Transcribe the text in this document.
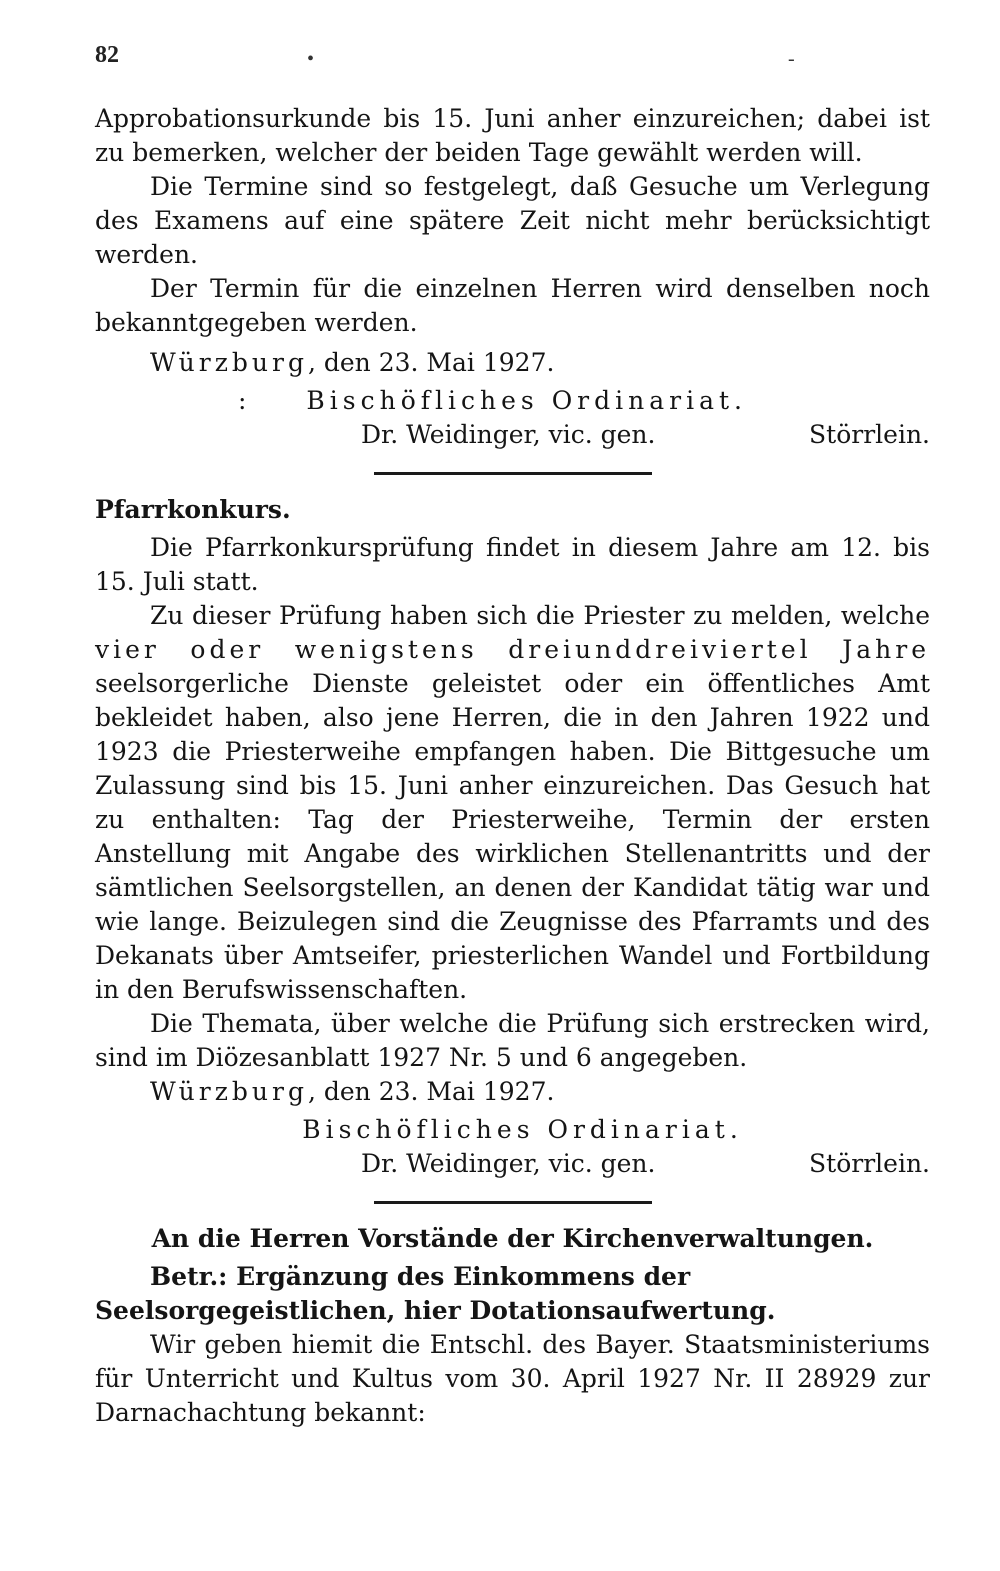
82	•	-

Approbationsurkunde bis 15. Juni anher einzureichen; dabei ist zu bemerken, welcher der beiden Tage gewählt werden will.

Die Termine sind so festgelegt, daß Gesuche um Verlegung des Examens auf eine spätere Zeit nicht mehr berücksichtigt werden.

Der Termin für die einzelnen Herren wird denselben noch bekanntgegeben werden.

Würzburg, den 23. Mai 1927.

: Bischöfliches Ordinariat.
Dr. Weidinger, vic. gen.	Störrlein.
Pfarrkonkurs.

Die Pfarrkonkursprüfung findet in diesem Jahre am 12. bis 15. Juli statt.

Zu dieser Prüfung haben sich die Priester zu melden, welche vier oder wenigstens dreiunddreiviertel Jahre seelsorgerliche Dienste geleistet oder ein öffentliches Amt bekleidet haben, also jene Herren, die in den Jahren 1922 und 1923 die Priesterweihe empfangen haben. Die Bittgesuche um Zulassung sind bis 15. Juni anher einzureichen. Das Gesuch hat zu enthalten: Tag der Priesterweihe, Termin der ersten Anstellung mit Angabe des wirklichen Stellenantritts und der sämtlichen Seelsorgstellen, an denen der Kandidat tätig war und wie lange. Beizulegen sind die Zeugnisse des Pfarramts und des Dekanats über Amtseifer, priesterlichen Wandel und Fortbildung in den Berufswissenschaften.

Die Themata, über welche die Prüfung sich erstrecken wird, sind im Diözesanblatt 1927 Nr. 5 und 6 angegeben.

Würzburg, den 23. Mai 1927.

Bischöfliches Ordinariat.
Dr. Weidinger, vic. gen.	Störrlein.
An die Herren Vorstände der Kirchenverwaltungen.
Betr.: Ergänzung des Einkommens der
Seelsorgegeistlichen, hier Dotationsaufwertung.

Wir geben hiemit die Entschl. des Bayer. Staatsministeriums für Unterricht und Kultus vom 30. April 1927 Nr. II 28929 zur Darnachachtung bekannt:
